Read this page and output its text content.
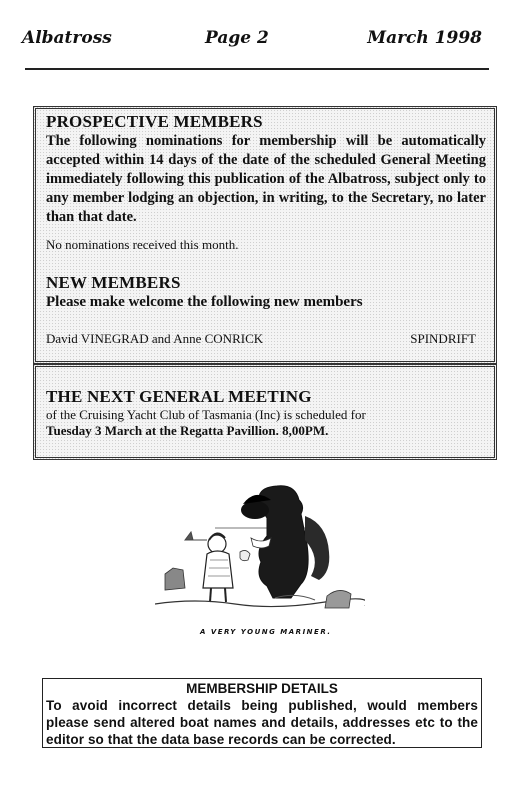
Albatross	Page 2	March 1998
PROSPECTIVE MEMBERS
The following nominations for membership will be automatically accepted within 14 days of the date of the scheduled General Meeting immediately following this publication of the Albatross, subject only to any member lodging an objection, in writing, to the Secretary, no later than that date.
No nominations received this month.
NEW MEMBERS
Please make welcome the following new members
David VINEGRAD and Anne CONRICK	SPINDRIFT
THE NEXT GENERAL MEETING
of the Cruising Yacht Club of Tasmania (Inc) is scheduled for
Tuesday 3 March at the Regatta Pavillion. 8,00PM.
A VERY YOUNG MARINER.
MEMBERSHIP DETAILS
To avoid incorrect details being published, would members please send altered boat names and details, addresses etc to the editor so that the data base records can be corrected.
